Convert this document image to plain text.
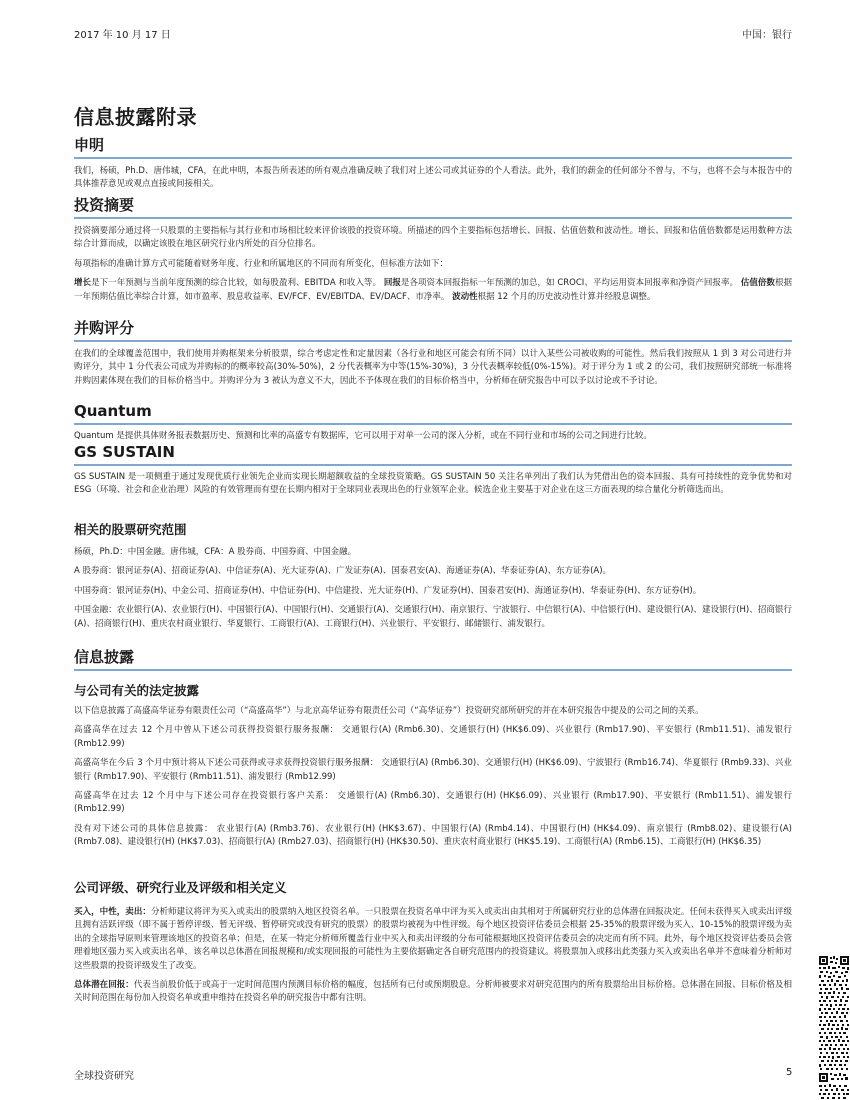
2017 年 10 月 17 日	中国：银行
信息披露附录
申明

我们，杨硕，Ph.D、唐伟城，CFA，在此申明，本报告所表述的所有观点准确反映了我们对上述公司或其证券的个人看法。此外，我们的薪金的任何部分不曾与，不与，也将不会与本报告中的具体推荐意见或观点直接或间接相关。

投资摘要

投资摘要部分通过将一只股票的主要指标与其行业和市场相比较来评价该股的投资环境。所描述的四个主要指标包括增长、回报、估值倍数和波动性。增长、回报和估值倍数都是运用数种方法综合计算而成，以确定该股在地区研究行业内所处的百分位排名。

每项指标的准确计算方式可能随着财务年度、行业和所属地区的不同而有所变化，但标准方法如下：

增长是下一年预测与当前年度预测的综合比较，如每股盈利、EBITDA 和收入等。 回报是各项资本回报指标一年预测的加总，如 CROCI、平均运用资本回报率和净资产回报率。 估值倍数根据一年预期估值比率综合计算，如市盈率、股息收益率、EV/FCF、EV/EBITDA、EV/DACF、市净率。 波动性根据 12 个月的历史波动性计算并经股息调整。

并购评分

在我们的全球覆盖范围中，我们使用并购框架来分析股票，综合考虑定性和定量因素（各行业和地区可能会有所不同）以计入某些公司被收购的可能性。然后我们按照从 1 到 3 对公司进行并购评分，其中 1 分代表公司成为并购标的的概率较高(30%-50%)，2 分代表概率为中等(15%-30%)，3 分代表概率较低(0%-15%)。对于评分为 1 或 2 的公司，我们按照研究部统一标准将并购因素体现在我们的目标价格当中。并购评分为 3 被认为意义不大，因此不予体现在我们的目标价格当中，分析师在研究报告中可以予以讨论或不予讨论。

Quantum

Quantum 是提供具体财务报表数据历史、预测和比率的高盛专有数据库，它可以用于对单一公司的深入分析，或在不同行业和市场的公司之间进行比较。

GS SUSTAIN

GS SUSTAIN 是一项侧重于通过发现优质行业领先企业而实现长期超额收益的全球投资策略。GS SUSTAIN 50 关注名单列出了我们认为凭借出色的资本回报、具有可持续性的竞争优势和对 ESG（环境、社会和企业治理）风险的有效管理而有望在长期内相对于全球同业表现出色的行业领军企业。候选企业主要基于对企业在这三方面表现的综合量化分析筛选而出。

相关的股票研究范围

杨硕，Ph.D：中国金融。唐伟城，CFA：A 股券商、中国券商、中国金融。

A 股券商：银河证券(A)、招商证券(A)、中信证券(A)、光大证券(A)、广发证券(A)、国泰君安(A)、海通证券(A)、华泰证券(A)、东方证券(A)。

中国券商：银河证券(H)、中金公司、招商证券(H)、中信证券(H)、中信建投、光大证券(H)、广发证券(H)、国泰君安(H)、海通证券(H)、华泰证券(H)、东方证券(H)。

中国金融：农业银行(A)、农业银行(H)、中国银行(A)、中国银行(H)、交通银行(A)、交通银行(H)、南京银行、宁波银行、中信银行(A)、中信银行(H)、建设银行(A)、建设银行(H)、招商银行(A)、招商银行(H)、重庆农村商业银行、华夏银行、工商银行(A)、工商银行(H)、兴业银行、平安银行、邮储银行、浦发银行。

信息披露
与公司有关的法定披露

以下信息披露了高盛高华证券有限责任公司（“高盛高华”）与北京高华证券有限责任公司（“高华证券”）投资研究部所研究的并在本研究报告中提及的公司之间的关系。

高盛高华在过去 12 个月中曾从下述公司获得投资银行服务报酬： 交通银行(A) (Rmb6.30)、交通银行(H) (HK$6.09)、兴业银行 (Rmb17.90)、平安银行 (Rmb11.51)、浦发银行 (Rmb12.99)

高盛高华在今后 3 个月中预计将从下述公司获得或寻求获得投资银行服务报酬： 交通银行(A) (Rmb6.30)、交通银行(H) (HK$6.09)、宁波银行 (Rmb16.74)、华夏银行 (Rmb9.33)、兴业银行 (Rmb17.90)、平安银行 (Rmb11.51)、浦发银行 (Rmb12.99)

高盛高华在过去 12 个月中与下述公司存在投资银行客户关系： 交通银行(A) (Rmb6.30)、交通银行(H) (HK$6.09)、兴业银行 (Rmb17.90)、平安银行 (Rmb11.51)、浦发银行 (Rmb12.99)

没有对下述公司的具体信息披露： 农业银行(A) (Rmb3.76)、农业银行(H) (HK$3.67)、中国银行(A) (Rmb4.14)、中国银行(H) (HK$4.09)、南京银行 (Rmb8.02)、建设银行(A) (Rmb7.08)、建设银行(H) (HK$7.03)、招商银行(A) (Rmb27.03)、招商银行(H) (HK$30.50)、重庆农村商业银行 (HK$5.19)、工商银行(A) (Rmb6.15)、工商银行(H) (HK$6.35)

公司评级、研究行业及评级和相关定义

买入，中性，卖出：分析师建议将评为买入或卖出的股票纳入地区投资名单。一只股票在投资名单中评为买入或卖出由其相对于所属研究行业的总体潜在回报决定。任何未获得买入或卖出评级且拥有活跃评级（即不属于暂停评级、暂无评级、暂停研究或没有研究的股票）的股票均被视为中性评级。每个地区投资评估委员会根据 25-35%的股票评级为买入、10-15%的股票评级为卖出的全球指导原则来管理该地区的投资名单；但是，在某一特定分析师所覆盖行业中买入和卖出评级的分布可能根据地区投资评估委员会的决定而有所不同。此外，每个地区投资评估委员会管理着地区强力买入或卖出名单，该名单以总体潜在回报规模和/或实现回报的可能性为主要依据确定各自研究范围内的投资建议。将股票加入或移出此类强力买入或卖出名单并不意味着分析师对这些股票的投资评级发生了改变。

总体潜在回报：代表当前股价低于或高于一定时间范围内预测目标价格的幅度，包括所有已付或预期股息。分析师被要求对研究范围内的所有股票给出目标价格。总体潜在回报、目标价格及相关时间范围在每份加入投资名单或重申维持在投资名单的研究报告中都有注明。

全球投资研究	5
